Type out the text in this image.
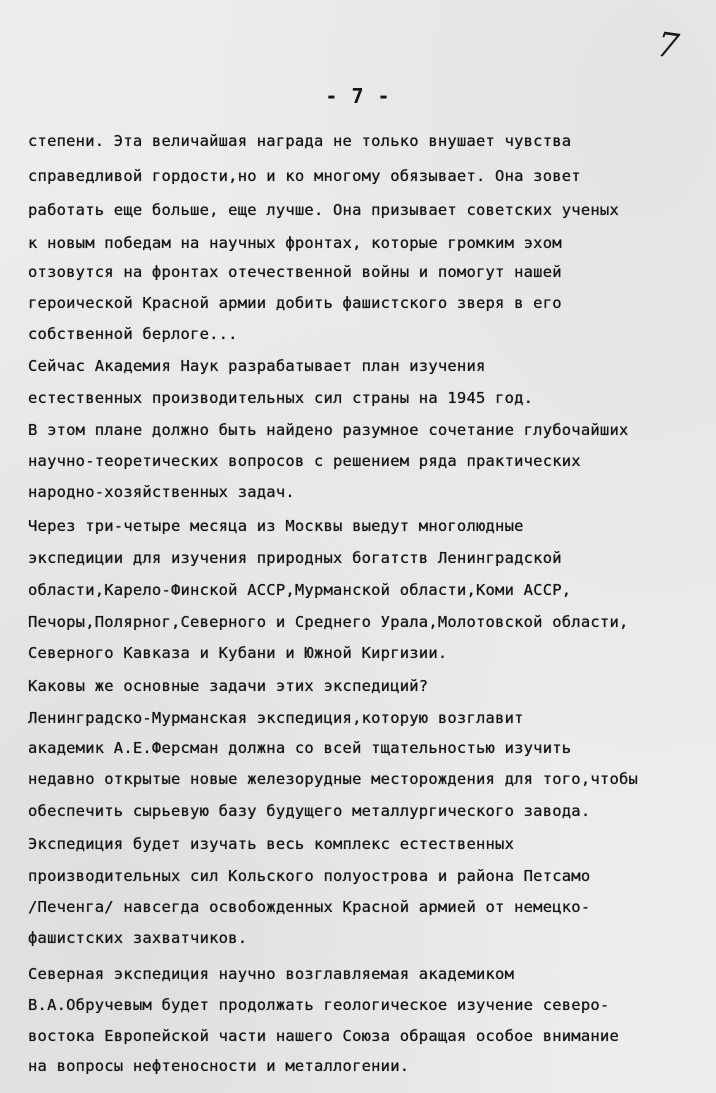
7
- 7 -
степени. Эта величайшая награда не только внушает чувства
справедливой гордости,но и ко многому обязывает. Она зовет
работать еще больше, еще лучше. Она призывает советских ученых
к новым победам на научных фронтах, которые громким эхом
отзовутся на фронтах отечественной войны и помогут нашей
героической Красной армии добить фашистского зверя в его
собственной берлоге...
Сейчас Академия Наук разрабатывает план изучения
естественных производительных сил страны на 1945 год.
В этом плане должно быть найдено разумное сочетание глубочайших
научно-теоретических вопросов с решением ряда практических
народно-хозяйственных задач.
Через три-четыре месяца из Москвы выедут многолюдные
экспедиции для изучения природных богатств Ленинградской
области,Карело-Финской АССР,Мурманской области,Коми АССР,
Печоры,Полярног,Северного и Среднего Урала,Молотовской области,
Северного Кавказа и Кубани и Южной Киргизии.
Каковы же основные задачи этих экспедиций?
Ленинградско-Мурманская экспедиция,которую возглавит
академик А.Е.Ферсман должна со всей тщательностью изучить
недавно открытые новые железорудные месторождения для того,чтобы
обеспечить сырьевую базу будущего металлургического завода.
Экспедиция будет изучать весь комплекс естественных
производительных сил Кольского полуострова и района Петсамо
/Печенга/ навсегда освобожденных Красной армией от немецко-
фашистских захватчиков.
Северная экспедиция научно возглавляемая академиком
В.А.Обручевым будет продолжать геологическое изучение северо-
востока Европейской части нашего Союза обращая особое внимание
на вопросы нефтеносности и металлогении.
